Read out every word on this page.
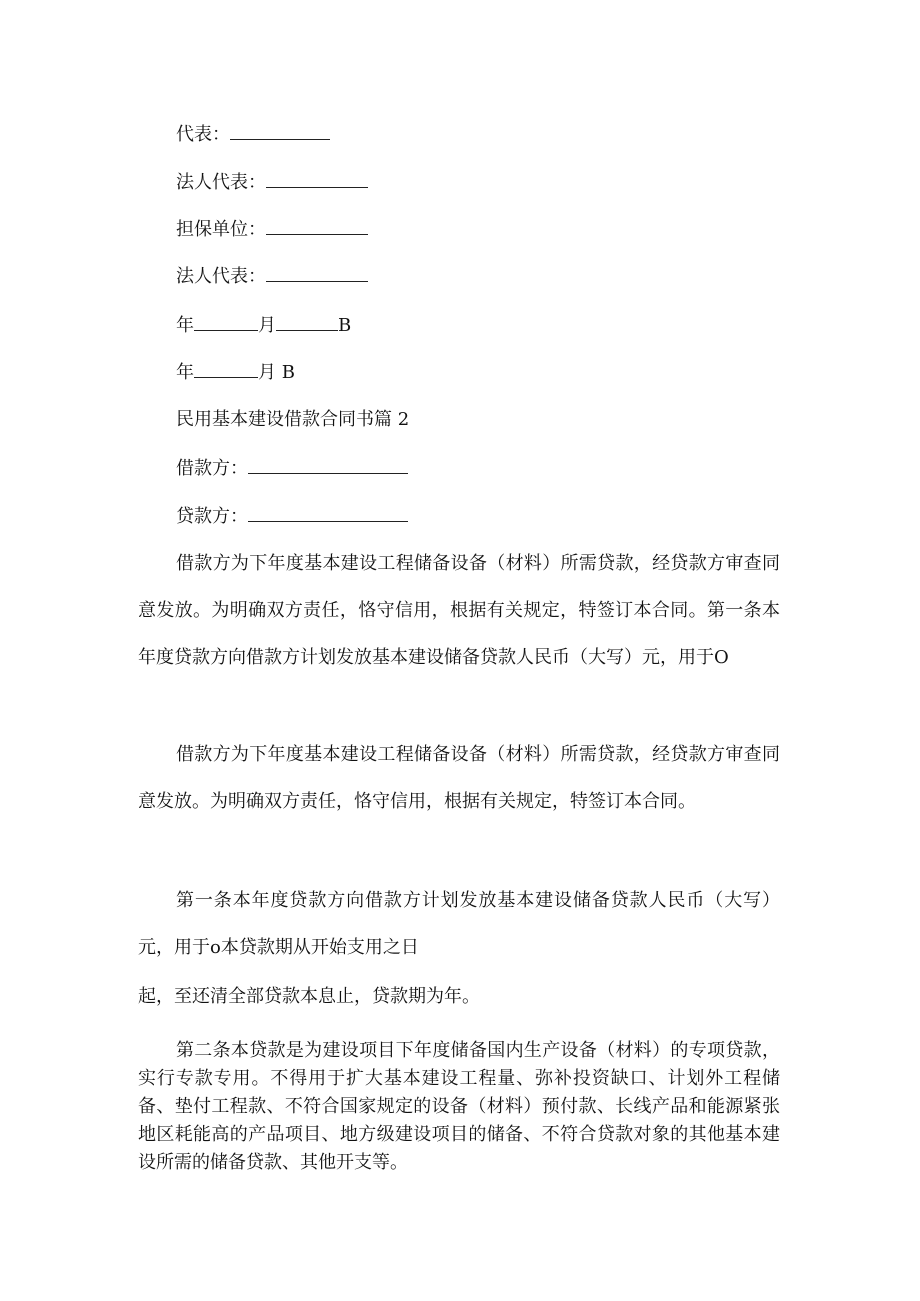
代表：
法人代表：
担保单位：
法人代表：
年	月	B
年	月 B
民用基本建设借款合同书篇 2
借款方：
贷款方：
借款方为下年度基本建设工程储备设备（材料）所需贷款，经贷款方审查同意发放。为明确双方责任，恪守信用，根据有关规定，特签订本合同。第一条本年度贷款方向借款方计划发放基本建设储备贷款人民币（大写）元，用于O
借款方为下年度基本建设工程储备设备（材料）所需贷款，经贷款方审查同意发放。为明确双方责任，恪守信用，根据有关规定，特签订本合同。
第一条本年度贷款方向借款方计划发放基本建设储备贷款人民币（大写）元，用于o本贷款期从开始支用之日
起，至还清全部贷款本息止，贷款期为年。
第二条本贷款是为建设项目下年度储备国内生产设备（材料）的专项贷款，实行专款专用。不得用于扩大基本建设工程量、弥补投资缺口、计划外工程储备、垫付工程款、不符合国家规定的设备（材料）预付款、长线产品和能源紧张地区耗能高的产品项目、地方级建设项目的储备、不符合贷款对象的其他基本建设所需的储备贷款、其他开支等。
